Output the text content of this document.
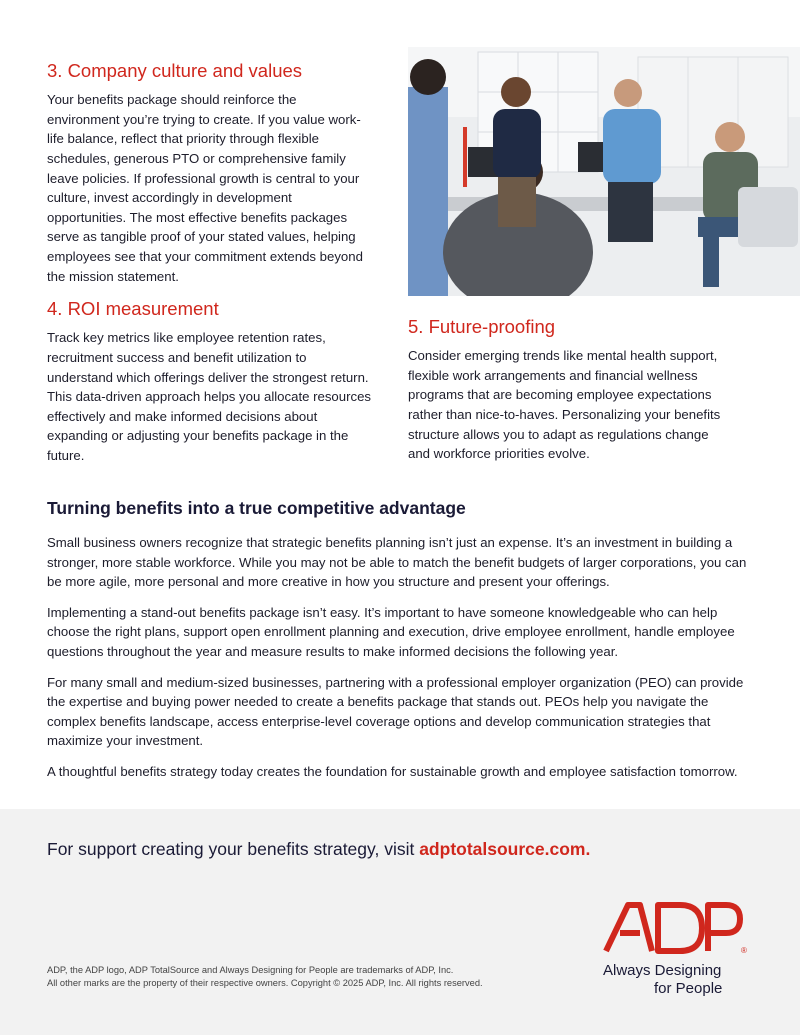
3. Company culture and values

Your benefits package should reinforce the environment you’re trying to create. If you value work-life balance, reflect that priority through flexible schedules, generous PTO or comprehensive family leave policies. If professional growth is central to your culture, invest accordingly in development opportunities. The most effective benefits packages serve as tangible proof of your stated values, helping employees see that your commitment extends beyond the mission statement.

4. ROI measurement

Track key metrics like employee retention rates, recruitment success and benefit utilization to understand which offerings deliver the strongest return. This data-driven approach helps you allocate resources effectively and make informed decisions about expanding or adjusting your benefits package in the future.

5. Future-proofing

Consider emerging trends like mental health support, flexible work arrangements and financial wellness programs that are becoming employee expectations rather than nice-to-haves. Personalizing your benefits structure allows you to adapt as regulations change and workforce priorities evolve.

Turning benefits into a true competitive advantage

Small business owners recognize that strategic benefits planning isn’t just an expense. It’s an investment in building a stronger, more stable workforce. While you may not be able to match the benefit budgets of larger corporations, you can be more agile, more personal and more creative in how you structure and present your offerings.

Implementing a stand-out benefits package isn’t easy. It’s important to have someone knowledgeable who can help choose the right plans, support open enrollment planning and execution, drive employee enrollment, handle employee questions throughout the year and measure results to make informed decisions the following year.

For many small and medium-sized businesses, partnering with a professional employer organization (PEO) can provide the expertise and buying power needed to create a benefits package that stands out. PEOs help you navigate the complex benefits landscape, access enterprise-level coverage options and develop communication strategies that maximize your investment.

A thoughtful benefits strategy today creates the foundation for sustainable growth and employee satisfaction tomorrow.

For support creating your benefits strategy, visit adptotalsource.com.
ADP, the ADP logo, ADP TotalSource and Always Designing for People are trademarks of ADP, Inc.
All other marks are the property of their respective owners. Copyright © 2025 ADP, Inc. All rights reserved.
®
Always Designing
for People
